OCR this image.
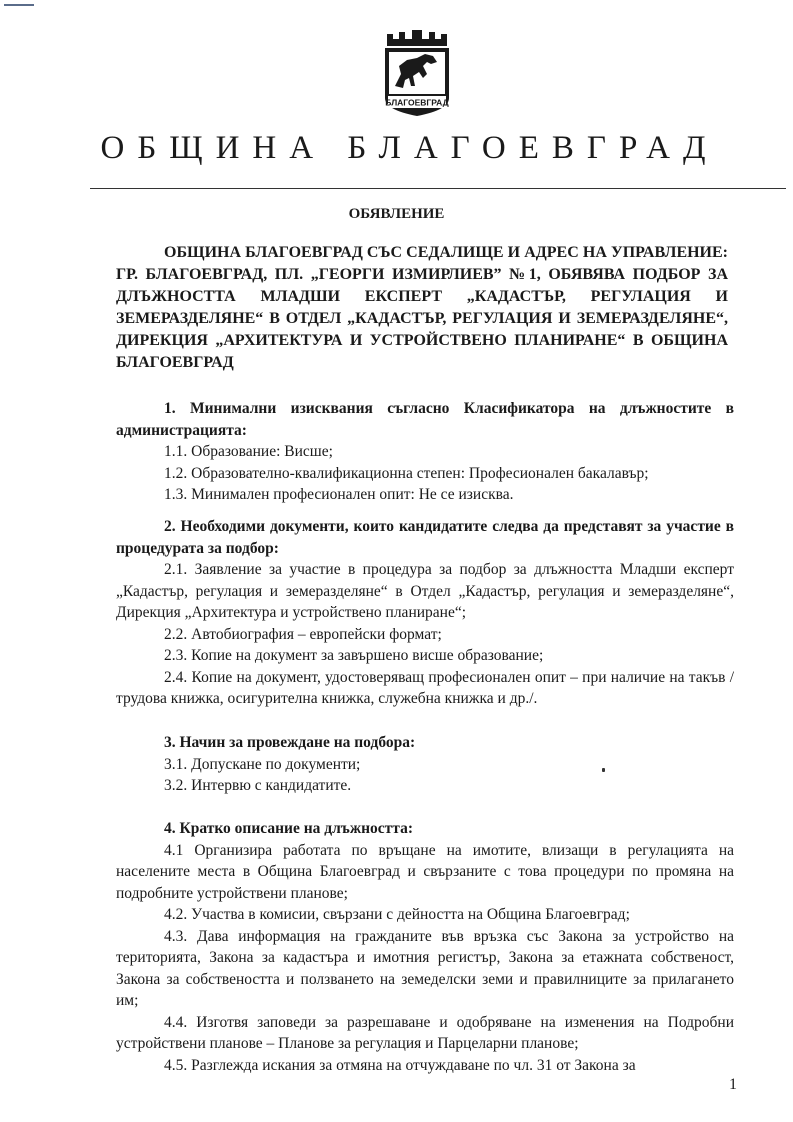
БЛАГОЕВГРАД
ОБЩИНА БЛАГОЕВГРАД
ОБЯВЛЕНИЕ
ОБЩИНА БЛАГОЕВГРАД СЪС СЕДАЛИЩЕ И АДРЕС НА УПРАВЛЕНИЕ: ГР. БЛАГОЕВГРАД, ПЛ. „ГЕОРГИ ИЗМИРЛИЕВ” №1, ОБЯВЯВА ПОДБОР ЗА ДЛЪЖНОСТТА МЛАДШИ ЕКСПЕРТ „КАДАСТЪР, РЕГУЛАЦИЯ И ЗЕМЕРАЗДЕЛЯНЕ“ В ОТДЕЛ „КАДАСТЪР, РЕГУЛАЦИЯ И ЗЕМЕРАЗДЕЛЯНЕ“, ДИРЕКЦИЯ „АРХИТЕКТУРА И УСТРОЙСТВЕНО ПЛАНИРАНЕ“ В ОБЩИНА БЛАГОЕВГРАД
1. Минимални изисквания съгласно Класификатора на длъжностите в администрацията:
1.1. Образование: Висше;
1.2. Образователно-квалификационна степен: Професионален бакалавър;
1.3. Минимален професионален опит: Не се изисква.
2. Необходими документи, които кандидатите следва да представят за участие в процедурата за подбор:
2.1. Заявление за участие в процедура за подбор за длъжността Младши експерт „Кадастър, регулация и земеразделяне“ в Отдел „Кадастър, регулация и земеразделяне“, Дирекция „Архитектура и устройствено планиране“;
2.2. Автобиография – европейски формат;
2.3. Копие на документ за завършено висше образование;
2.4. Копие на документ, удостоверяващ професионален опит – при наличие на такъв /трудова книжка, осигурителна книжка, служебна книжка и др./.
3. Начин за провеждане на подбора:
3.1. Допускане по документи;
3.2. Интервю с кандидатите.
4. Кратко описание на длъжността:
4.1 Организира работата по връщане на имотите, влизащи в регулацията на населените места в Община Благоевград и свързаните с това процедури по промяна на подробните устройствени планове;
4.2. Участва в комисии, свързани с дейността на Община Благоевград;
4.3. Дава информация на гражданите във връзка със Закона за устройство на територията, Закона за кадастъра и имотния регистър, Закона за етажната собственост, Закона за собствеността и ползването на земеделски земи и правилниците за прилагането им;
4.4. Изготвя заповеди за разрешаване и одобряване на изменения на Подробни устройствени планове – Планове за регулация и Парцеларни планове;
4.5. Разглежда искания за отмяна на отчуждаване по чл. 31 от Закона за
1
